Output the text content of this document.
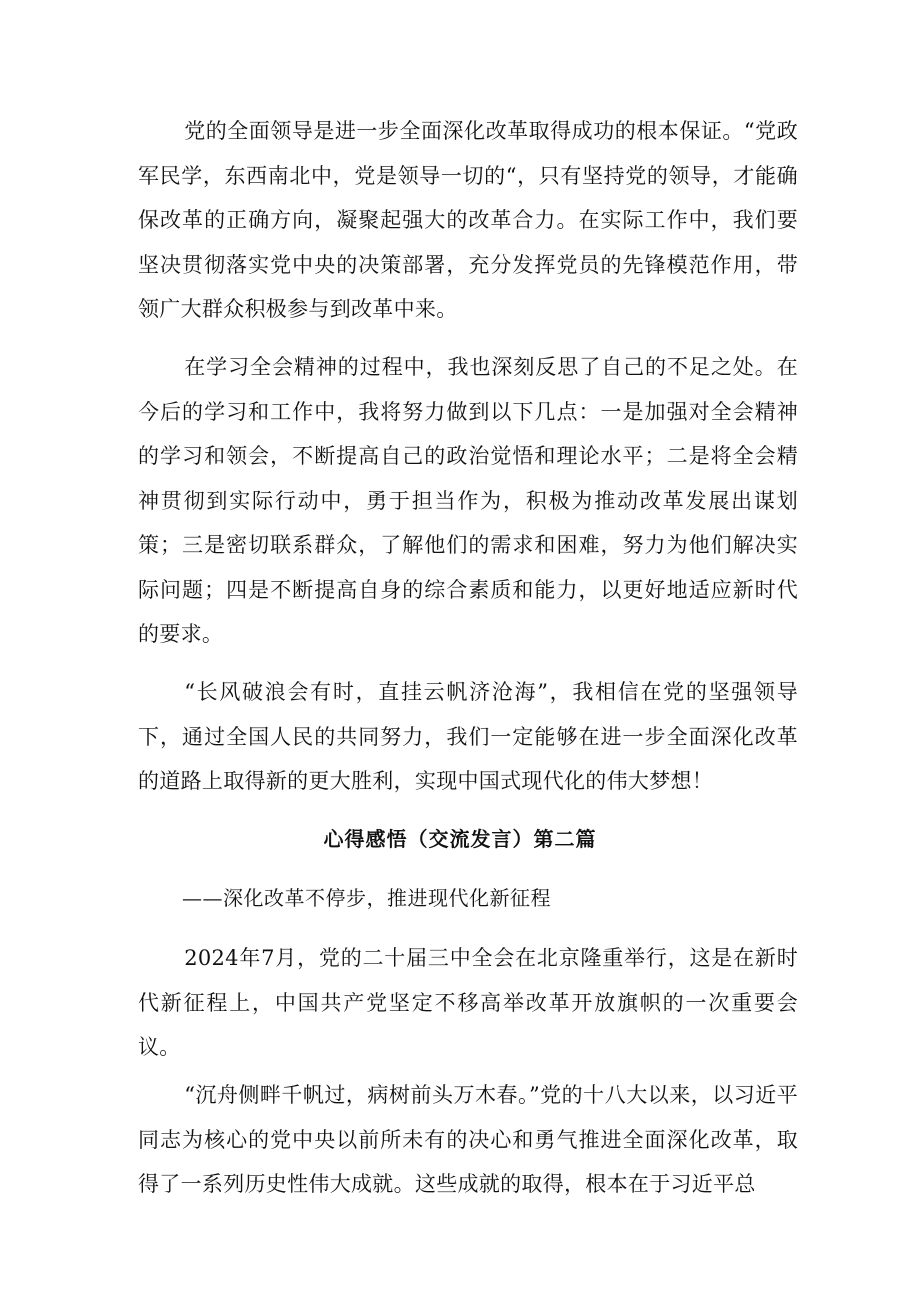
党的全面领导是进一步全面深化改革取得成功的根本保证。“党政军民学，东西南北中，党是领导一切的“，只有坚持党的领导，才能确保改革的正确方向，凝聚起强大的改革合力。在实际工作中，我们要坚决贯彻落实党中央的决策部署，充分发挥党员的先锋模范作用，带领广大群众积极参与到改革中来。

在学习全会精神的过程中，我也深刻反思了自己的不足之处。在今后的学习和工作中，我将努力做到以下几点：一是加强对全会精神的学习和领会，不断提高自己的政治觉悟和理论水平；二是将全会精神贯彻到实际行动中，勇于担当作为，积极为推动改革发展出谋划策；三是密切联系群众，了解他们的需求和困难，努力为他们解决实际问题；四是不断提高自身的综合素质和能力，以更好地适应新时代的要求。

“长风破浪会有时，直挂云帆济沧海”，我相信在党的坚强领导下，通过全国人民的共同努力，我们一定能够在进一步全面深化改革的道路上取得新的更大胜利，实现中国式现代化的伟大梦想！

心得感悟（交流发言）第二篇

——深化改革不停步，推进现代化新征程

2024年7月，党的二十届三中全会在北京隆重举行，这是在新时代新征程上，中国共产党坚定不移高举改革开放旗帜的一次重要会议。

“沉舟侧畔千帆过，病树前头万木春。”党的十八大以来，以习近平同志为核心的党中央以前所未有的决心和勇气推进全面深化改革，取得了一系列历史性伟大成就。这些成就的取得，根本在于习近平总
